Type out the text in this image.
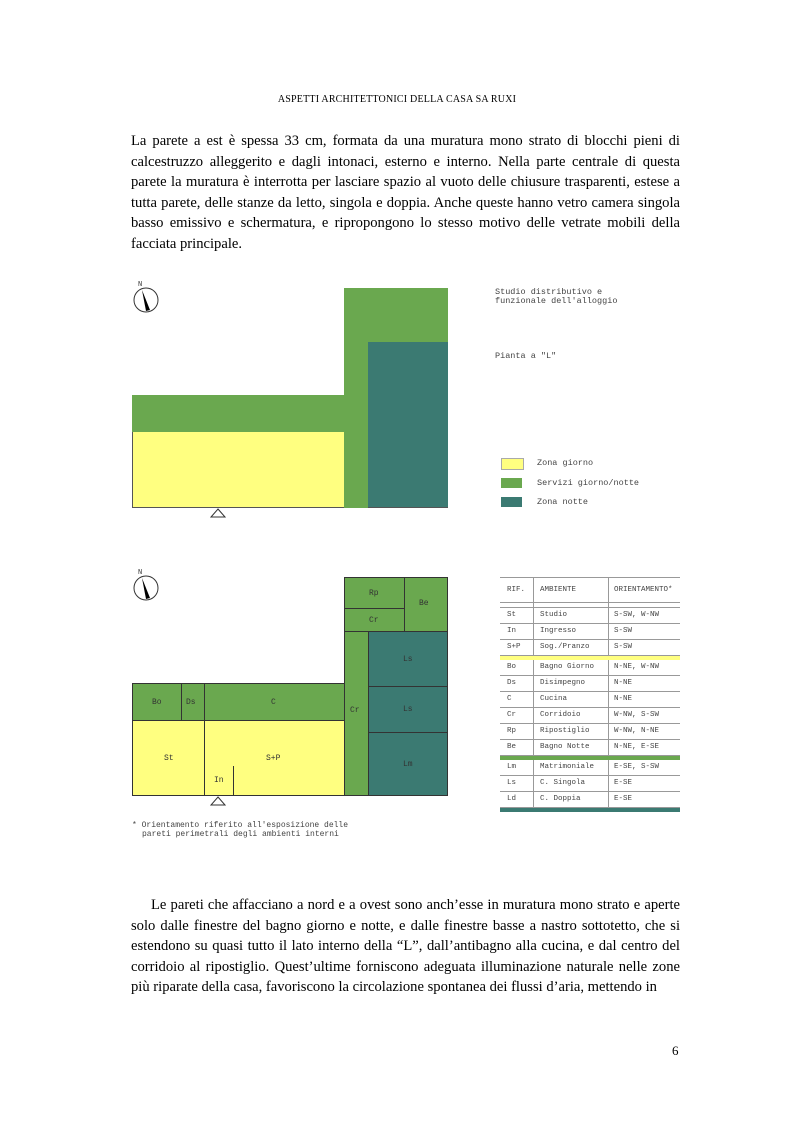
ASPETTI ARCHITETTONICI DELLA CASA SA RUXI

La parete a est è spessa 33 cm, formata da una muratura mono strato di blocchi pieni di calcestruzzo alleggerito e dagli intonaci, esterno e interno. Nella parte centrale di questa parete la muratura è interrotta per lasciare spazio al vuoto delle chiusure trasparenti, estese a tutta parete, delle stanze da letto, singola e doppia. Anche queste hanno vetro camera singola basso emissivo e schermatura, e ripropongono lo stesso motivo delle vetrate mobili della facciata principale.

N
Studio distributivo e
funzionale dell'alloggio
Pianta a "L"
Zona giorno
Servizi giorno/notte
Zona notte
N
Rp
Be
Cr
Cr
Ls
Ls
Lm
Bo	Ds	C
St	S+P
In
* Orientamento riferito all'esposizione delle
pareti perimetrali degli ambienti interni
RIF. AMBIENTE	ORIENTAMENTO*
St	Studio	S-SW, W-NW
In	Ingresso	S-SW
S+P	Sog./Pranzo	S-SW
Bo	Bagno Giorno	N-NE, W-NW
Ds	Disimpegno	N-NE
C	Cucina	N-NE
Cr	Corridoio	W-NW, S-SW
Rp	Ripostiglio	W-NW, N-NE
Be	Bagno Notte	N-NE, E-SE
Lm	Matrimoniale	E-SE, S-SW
Ls	C. Singola	E-SE
Ld	C. Doppia	E-SE

Le pareti che affacciano a nord e a ovest sono anch’esse in muratura mono strato e aperte solo dalle finestre del bagno giorno e notte, e dalle finestre basse a nastro sottotetto, che si estendono su quasi tutto il lato interno della “L”, dall’antibagno alla cucina, e dal centro del corridoio al ripostiglio. Quest’ultime forniscono adeguata illuminazione naturale nelle zone più riparate della casa, favoriscono la circolazione spontanea dei flussi d’aria, mettendo in

6
